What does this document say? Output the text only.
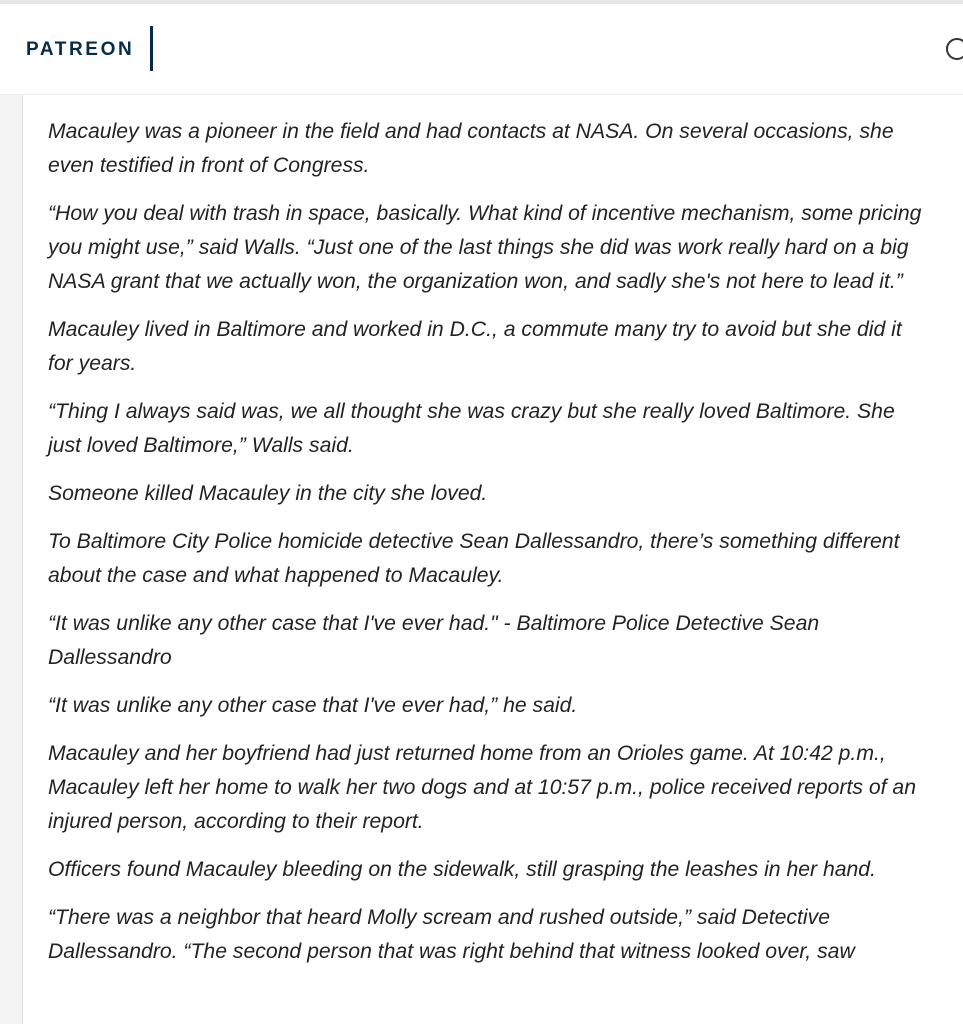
PATREON

Macauley was a pioneer in the field and had contacts at NASA. On several occasions, she even testified in front of Congress.

“How you deal with trash in space, basically. What kind of incentive mechanism, some pricing you might use,” said Walls. “Just one of the last things she did was work really hard on a big NASA grant that we actually won, the organization won, and sadly she's not here to lead it.”

Macauley lived in Baltimore and worked in D.C., a commute many try to avoid but she did it for years.

“Thing I always said was, we all thought she was crazy but she really loved Baltimore. She just loved Baltimore,” Walls said.

Someone killed Macauley in the city she loved.

To Baltimore City Police homicide detective Sean Dallessandro, there’s something different about the case and what happened to Macauley.

“It was unlike any other case that I've ever had." - Baltimore Police Detective Sean Dallessandro

“It was unlike any other case that I've ever had,” he said.

Macauley and her boyfriend had just returned home from an Orioles game. At 10:42 p.m., Macauley left her home to walk her two dogs and at 10:57 p.m., police received reports of an injured person, according to their report.

Officers found Macauley bleeding on the sidewalk, still grasping the leashes in her hand.

“There was a neighbor that heard Molly scream and rushed outside,” said Detective Dallessandro. “The second person that was right behind that witness looked over, saw
